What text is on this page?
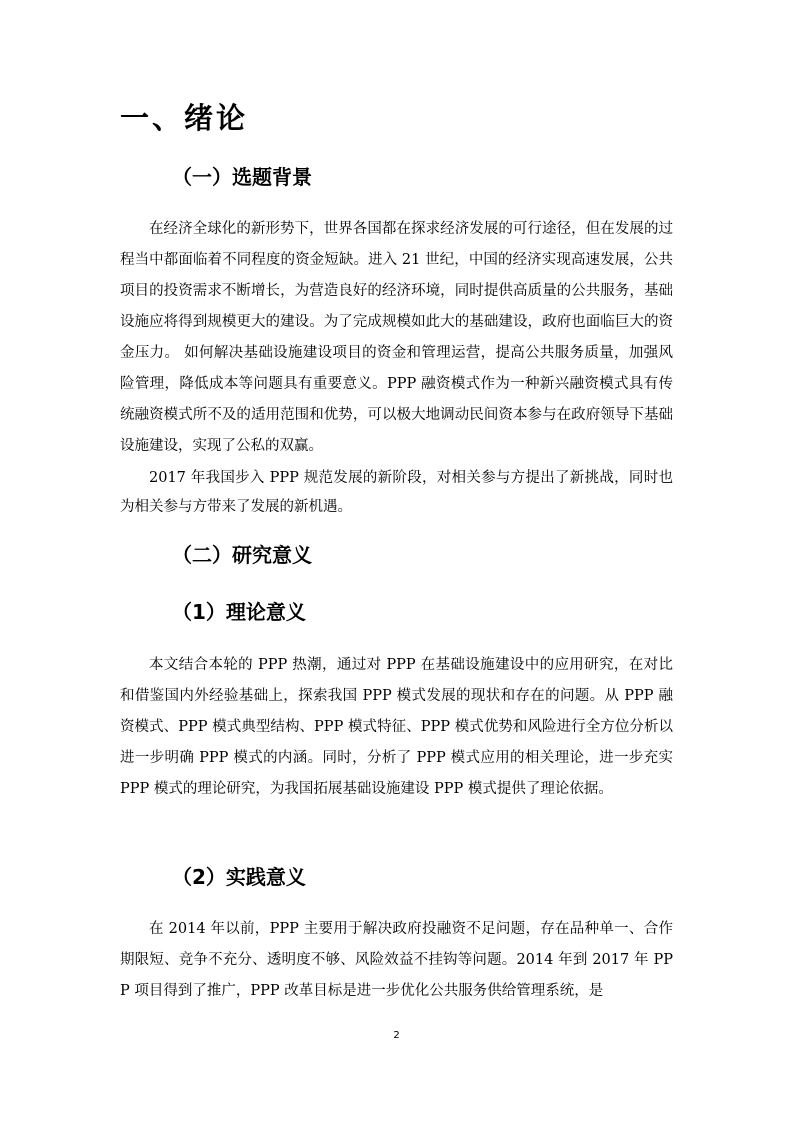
一、绪论
（一）选题背景

在经济全球化的新形势下，世界各国都在探求经济发展的可行途径，但在发展的过程当中都面临着不同程度的资金短缺。进入 21 世纪，中国的经济实现高速发展，公共项目的投资需求不断增长，为营造良好的经济环境，同时提供高质量的公共服务，基础设施应将得到规模更大的建设。为了完成规模如此大的基础建设，政府也面临巨大的资金压力。 如何解决基础设施建设项目的资金和管理运营，提高公共服务质量，加强风险管理，降低成本等问题具有重要意义。PPP 融资模式作为一种新兴融资模式具有传统融资模式所不及的适用范围和优势，可以极大地调动民间资本参与在政府领导下基础设施建设，实现了公私的双赢。

2017 年我国步入 PPP 规范发展的新阶段，对相关参与方提出了新挑战，同时也为相关参与方带来了发展的新机遇。

（二）研究意义
（1）理论意义

本文结合本轮的 PPP 热潮，通过对 PPP 在基础设施建设中的应用研究，在对比和借鉴国内外经验基础上，探索我国 PPP 模式发展的现状和存在的问题。从 PPP 融资模式、PPP 模式典型结构、PPP 模式特征、PPP 模式优势和风险进行全方位分析以进一步明确 PPP 模式的内涵。同时，分析了 PPP 模式应用的相关理论，进一步充实 PPP 模式的理论研究，为我国拓展基础设施建设 PPP 模式提供了理论依据。

（2）实践意义

在 2014 年以前，PPP 主要用于解决政府投融资不足问题，存在品种单一、合作期限短、竞争不充分、透明度不够、风险效益不挂钩等问题。2014 年到 2017 年 PPP 项目得到了推广，PPP 改革目标是进一步优化公共服务供给管理系统，是

2
